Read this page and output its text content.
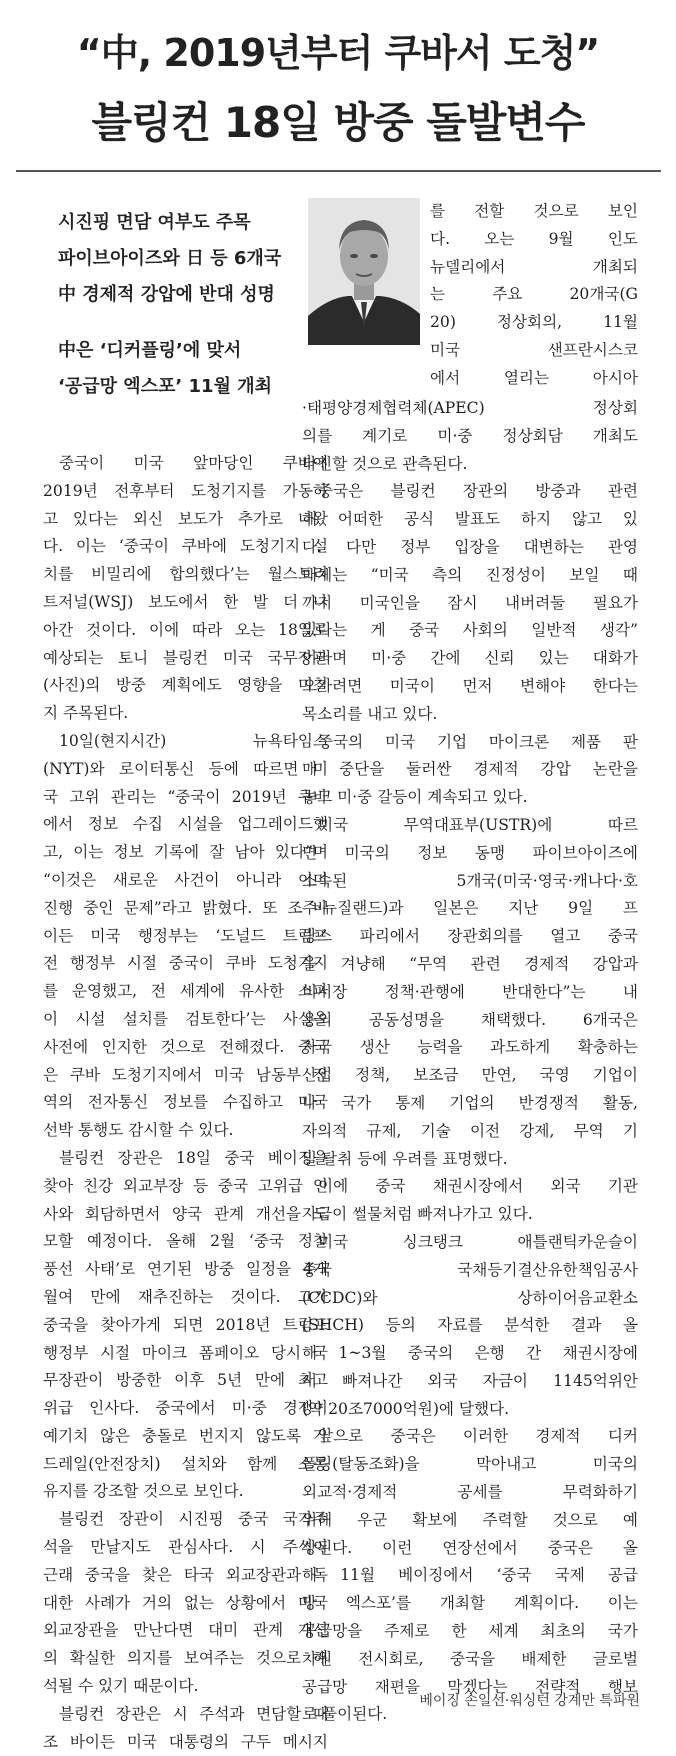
“中, 2019년부터 쿠바서 도청”
블링컨 18일 방중 돌발변수
시진핑 면담 여부도 주목
파이브아이즈와 日 등 6개국
中 경제적 강압에 반대 성명
中은 ‘디커플링’에 맞서
‘공급망 엑스포’ 11월 개최
중국이 미국 앞마당인 쿠바에
2019년 전후부터 도청기지를 가동하
고 있다는 외신 보도가 추가로 나왔
다. 이는 ‘중국이 쿠바에 도청기지 설
치를 비밀리에 합의했다’는 월스트리
트저널(WSJ) 보도에서 한 발 더 나
아간 것이다. 이에 따라 오는 18일로
예상되는 토니 블링컨 미국 국무장관
(사진)의 방중 계획에도 영향을 미칠
지 주목된다.
10일(현지시간) 뉴욕타임스
(NYT)와 로이터통신 등에 따르면 미
국 고위 관리는 “중국이 2019년 쿠바
에서 정보 수집 시설을 업그레이드했
고, 이는 정보 기록에 잘 남아 있다”며
“이것은 새로운 사건이 아니라 이미
진행 중인 문제”라고 밝혔다. 또 조 바
이든 미국 행정부는 ‘도널드 트럼프
전 행정부 시절 중국이 쿠바 도청기지
를 운영했고, 전 세계에 유사한 스파
이 시설 설치를 검토한다’는 사실을
사전에 인지한 것으로 전해졌다. 중국
은 쿠바 도청기지에서 미국 남동부 전
역의 전자통신 정보를 수집하고 미국
선박 통행도 감시할 수 있다.
블링컨 장관은 18일 중국 베이징을
찾아 친강 외교부장 등 중국 고위급 인
사와 회담하면서 양국 관계 개선을 도
모할 예정이다. 올해 2월 ‘중국 정찰
풍선 사태’로 연기된 방중 일정을 4개
월여 만에 재추진하는 것이다. 그가
중국을 찾아가게 되면 2018년 트럼프
행정부 시절 마이크 폼페이오 당시 국
무장관이 방중한 이후 5년 만에 최고
위급 인사다. 중국에서 미·중 경쟁이
예기치 않은 충돌로 번지지 않도록 가
드레일(안전장치) 설치와 함께 소통
유지를 강조할 것으로 보인다.
블링컨 장관이 시진핑 중국 국가주
석을 만날지도 관심사다. 시 주석이
근래 중국을 찾은 타국 외교장관과 독
대한 사례가 거의 없는 상황에서 미국
외교장관을 만난다면 대미 관계 개선
의 확실한 의지를 보여주는 것으로 해
석될 수 있기 때문이다.
블링컨 장관은 시 주석과 면담할 때
조 바이든 미국 대통령의 구두 메시지
를 전할 것으로 보인
다. 오는 9월 인도
뉴델리에서 개최되
는 주요 20개국(G
20) 정상회의, 11월
미국 샌프란시스코
에서 열리는 아시아
·태평양경제협력체(APEC) 정상회
의를 계기로 미·중 정상회담 개최도
타진할 것으로 관측된다.
중국은 블링컨 장관의 방중과 관련
해 어떠한 공식 발표도 하지 않고 있
다. 다만 정부 입장을 대변하는 관영
매체는 “미국 측의 진정성이 보일 때
까지 미국인을 잠시 내버려둘 필요가
있다는 게 중국 사회의 일반적 생각”
이라며 미·중 간에 신뢰 있는 대화가
오가려면 미국이 먼저 변해야 한다는
목소리를 내고 있다.
중국의 미국 기업 마이크론 제품 판
매 중단을 둘러싼 경제적 강압 논란을
놓고 미·중 갈등이 계속되고 있다.
미국 무역대표부(USTR)에 따르
면 미국의 정보 동맹 파이브아이즈에
소속된 5개국(미국·영국·캐나다·호
주·뉴질랜드)과 일본은 지난 9일 프
랑스 파리에서 장관회의를 열고 중국
을 겨냥해 “무역 관련 경제적 강압과
비시장 정책·관행에 반대한다”는 내
용의 공동성명을 채택했다. 6개국은
자국 생산 능력을 과도하게 확충하는
산업 정책, 보조금 만연, 국영 기업이
나 국가 통제 기업의 반경쟁적 활동,
자의적 규제, 기술 이전 강제, 무역 기
밀 탈취 등에 우려를 표명했다.
이에 중국 채권시장에서 외국 기관
자금이 썰물처럼 빠져나가고 있다.
미국 싱크탱크 애틀랜틱카운슬이
중국 국채등기결산유한책임공사
(CCDC)와 상하이어음교환소
(SHCH) 등의 자료를 분석한 결과 올
해 1~3월 중국의 은행 간 채권시장에
서 빠져나간 외국 자금이 1145억위안
(약 20조7000억원)에 달했다.
앞으로 중국은 이러한 경제적 디커
플링(탈동조화)을 막아내고 미국의
외교적·경제적 공세를 무력화하기
위해 우군 확보에 주력할 것으로 예
상된다. 이런 연장선에서 중국은 올
해 11월 베이징에서 ‘중국 국제 공급
망 엑스포’를 개최할 계획이다. 이는
공급망을 주제로 한 세계 최초의 국가
차원 전시회로, 중국을 배제한 글로벌
공급망 재편을 막겠다는 전략적 행보
로 풀이된다.
베이징 손일선·워싱턴 강계만 특파원
